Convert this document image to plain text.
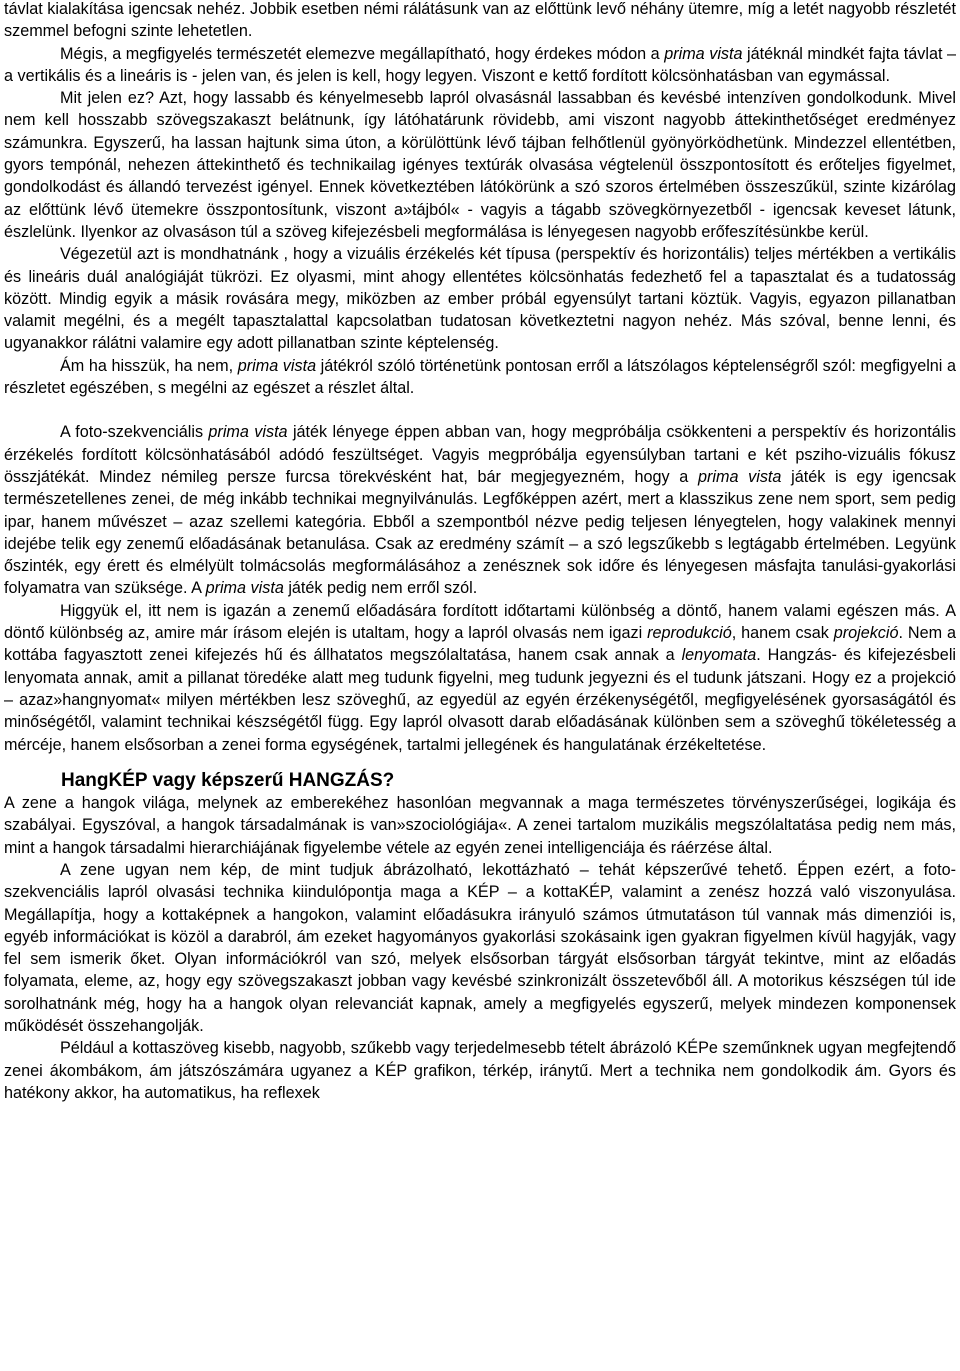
távlat kialakítása igencsak nehéz. Jobbik esetben némi rálátásunk van az előttünk levő néhány ütemre, míg a letét nagyobb részletét szemmel befogni szinte lehetetlen.

Mégis, a megfigyelés természetét elemezve megállapítható, hogy érdekes módon a prima vista játéknál mindkét fajta távlat – a vertikális és a lineáris is - jelen van, és jelen is kell, hogy legyen. Viszont e kettő fordított kölcsönhatásban van egymással.

Mit jelen ez? Azt, hogy lassabb és kényelmesebb lapról olvasásnál lassabban és kevésbé intenzíven gondolkodunk. Mivel nem kell hosszabb szövegszakaszt belátnunk, így látóhatárunk rövidebb, ami viszont nagyobb áttekinthetőséget eredményez számunkra. Egyszerű, ha lassan hajtunk sima úton, a körülöttünk lévő tájban felhőtlenül gyönyörködhetünk. Mindezzel ellentétben, gyors tempónál, nehezen áttekinthető és technikailag igényes textúrák olvasása végtelenül összpontosított és erőteljes figyelmet, gondolkodást és állandó tervezést igényel. Ennek következtében látókörünk a szó szoros értelmében összeszűkül, szinte kizárólag az előttünk lévő ütemekre összpontosítunk, viszont a»tájból« - vagyis a tágabb szövegkörnyezetből - igencsak keveset látunk, észlelünk. Ilyenkor az olvasáson túl a szöveg kifejezésbeli megformálása is lényegesen nagyobb erőfeszítésünkbe kerül.

Végezetül azt is mondhatnánk , hogy a vizuális érzékelés két típusa (perspektív és horizontális) teljes mértékben a vertikális és lineáris duál analógiáját tükrözi. Ez olyasmi, mint ahogy ellentétes kölcsönhatás fedezhető fel a tapasztalat és a tudatosság között. Mindig egyik a másik rovására megy, miközben az ember próbál egyensúlyt tartani köztük. Vagyis, egyazon pillanatban valamit megélni, és a megélt tapasztalattal kapcsolatban tudatosan következtetni nagyon nehéz. Más szóval, benne lenni, és ugyanakkor rálátni valamire egy adott pillanatban szinte képtelenség.

Ám ha hisszük, ha nem, prima vista játékról szóló történetünk pontosan erről a látszólagos képtelenségről szól: megfigyelni a részletet egészében, s megélni az egészet a részlet által.

A foto-szekvenciális prima vista játék lényege éppen abban van, hogy megpróbálja csökkenteni a perspektív és horizontális érzékelés fordított kölcsönhatásából adódó feszültséget. Vagyis megpróbálja egyensúlyban tartani e két pszihо-vizuális fókusz összjátékát. Mindez némileg persze furcsa törekvésként hat, bár megjegyezném, hogy a prima vista játék is egy igencsak természetellenes zenei, de még inkább technikai megnyilvánulás. Legfőképpen azért, mert a klasszikus zene nem sport, sem pedig ipar, hanem művészet – azaz szellemi kategória. Ebből a szempontból nézve pedig teljesen lényegtelen, hogy valakinek mennyi idejébe telik egy zenemű előadásának betanulása. Csak az eredmény számít – a szó legszűkebb s legtágabb értelmében. Legyünk őszinték, egy érett és elmélyült tolmácsolás megformálásához a zenésznek sok időre és lényegesen másfajta tanulási-gyakorlási folyamatra van szüksége. A prima vista játék pedig nem erről szól.

Higgyük el, itt nem is igazán a zenemű előadására fordított időtartami különbség a döntő, hanem valami egészen más. A döntő különbség az, amire már írásom elején is utaltam, hogy a lapról olvasás nem igazi reprodukció, hanem csak projekció. Nem a kottába fagyasztott zenei kifejezés hű és állhatatos megszólaltatása, hanem csak annak a lenyomata. Hangzás- és kifejezésbeli lenyomata annak, amit a pillanat töredéke alatt meg tudunk figyelni, meg tudunk jegyezni és el tudunk játszani. Hogy ez a projekció – azaz»hangnyomat« milyen mértékben lesz szöveghű, az egyedül az egyén érzékenységétől, megfigyelésének gyorsaságától és minőségétől, valamint technikai készségétől függ. Egy lapról olvasott darab előadásának különben sem a szöveghű tökéletesség a mércéje, hanem elsősorban a zenei forma egységének, tartalmi jellegének és hangulatának érzékeltetése.

HangKÉP vagy képszerű HANGZÁS?

A zene a hangok világa, melynek az emberekéhez hasonlóan megvannak a maga természetes törvényszerűségei, logikája és szabályai. Egyszóval, a hangok társadalmának is van»szociológiája«. A zenei tartalom muzikális megszólaltatása pedig nem más, mint a hangok társadalmi hierarchiájának figyelembe vétele az egyén zenei intelligenciája és ráérzése által.

A zene ugyan nem kép, de mint tudjuk ábrázolható, lekottázható – tehát képszerűvé tehető. Éppen ezért, a foto-szekvenciális lapról olvasási technika kiindulópontja maga a KÉP – a kottaKÉP, valamint a zenész hozzá való viszonyulása. Megállapítja, hogy a kottaképnek a hangokon, valamint előadásukra irányuló számos útmutatáson túl vannak más dimenziói is, egyéb információkat is közöl a darabról, ám ezeket hagyományos gyakorlási szokásaink igen gyakran figyelmen kívül hagyják, vagy fel sem ismerik őket. Olyan információkról van szó, melyek elsősorban tárgyát elsősorban tárgyát tekintve, mint az előadás folyamata, eleme, az, hogy egy szövegszakaszt jobban vagy kevésbé szinkronizált összetevőből áll. A motorikus készségen túl ide sorolhatnánk még, hogy ha a hangok olyan relevanciát kapnak, amely a megfigyelés egyszerű, melyek mindezen komponensek működését összehangolják.

Például a kottaszöveg kisebb, nagyobb, szűkebb vagy terjedelmesebb tételt ábrázoló KÉPe szeműnknek ugyan megfejtendő zenei ákombákom, ám játszószámára ugyanez a KÉP grafikon, térkép, iránytű. Mert a technika nem gondolkodik ám. Gyors és hatékony akkor, ha automatikus, ha reflexek
